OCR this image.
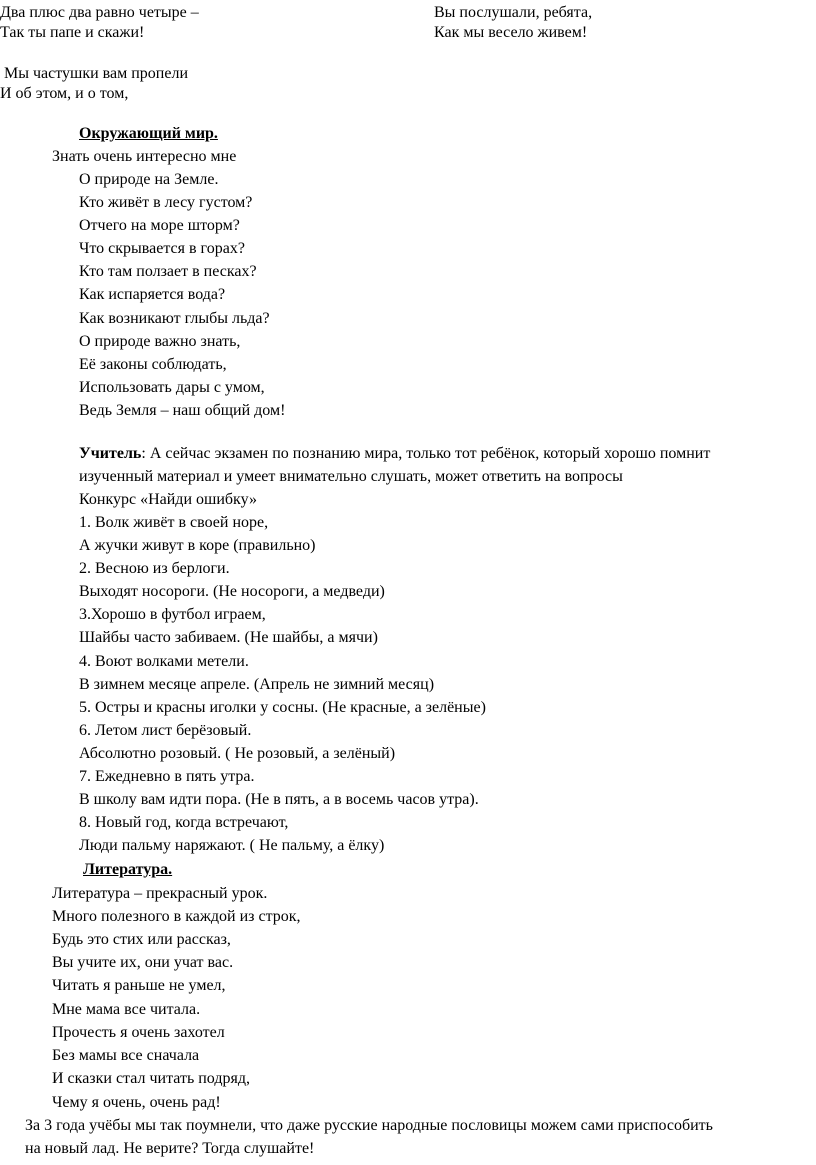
Два плюс два равно четыре –

Так ты папе и скажи!

Вы послушали, ребята,

Как мы весело живем!

Мы частушки вам пропели

И об этом, и о том,

Окружающий мир.

Знать очень интересно мне

О природе на Земле.

Кто живёт в лесу густом?

Отчего на море шторм?

Что скрывается в горах?

Кто там ползает в песках?

Как испаряется вода?

Как возникают глыбы льда?

О природе важно знать,

Её законы соблюдать,

Использовать дары с умом,

Ведь Земля – наш общий дом!

Учитель: А сейчас экзамен по познанию мира, только тот ребёнок, который хорошо помнит

изученный материал и умеет внимательно слушать, может ответить на вопросы

Конкурс «Найди ошибку»

1. Волк живёт в своей норе,

А жучки живут в коре (правильно)

2. Весною из берлоги.

Выходят носороги. (Не носороги, а медведи)

3.Хорошо в футбол играем,

Шайбы часто забиваем. (Не шайбы, а мячи)

4. Воют волками метели.

В зимнем месяце апреле. (Апрель не зимний месяц)

5. Остры и красны иголки у сосны. (Не красные, а зелёные)

6. Летом лист берёзовый.

Абсолютно розовый. ( Не розовый, а зелёный)

7. Ежедневно в пять утра.

В школу вам идти пора. (Не в пять, а в восемь часов утра).

8. Новый год, когда встречают,

Люди пальму наряжают. ( Не пальму, а ёлку)

Литература.

Литература – прекрасный урок.

Много полезного в каждой из строк,

Будь это стих или рассказ,

Вы учите их, они учат вас.

Читать я раньше не умел,

Мне мама все читала.

Прочесть я очень захотел

Без мамы все сначала

И сказки стал читать подряд,

Чему я очень, очень рад!

За 3 года учёбы мы так поумнели, что даже русские народные пословицы можем сами приспособить

на новый лад. Не верите? Тогда слушайте!
